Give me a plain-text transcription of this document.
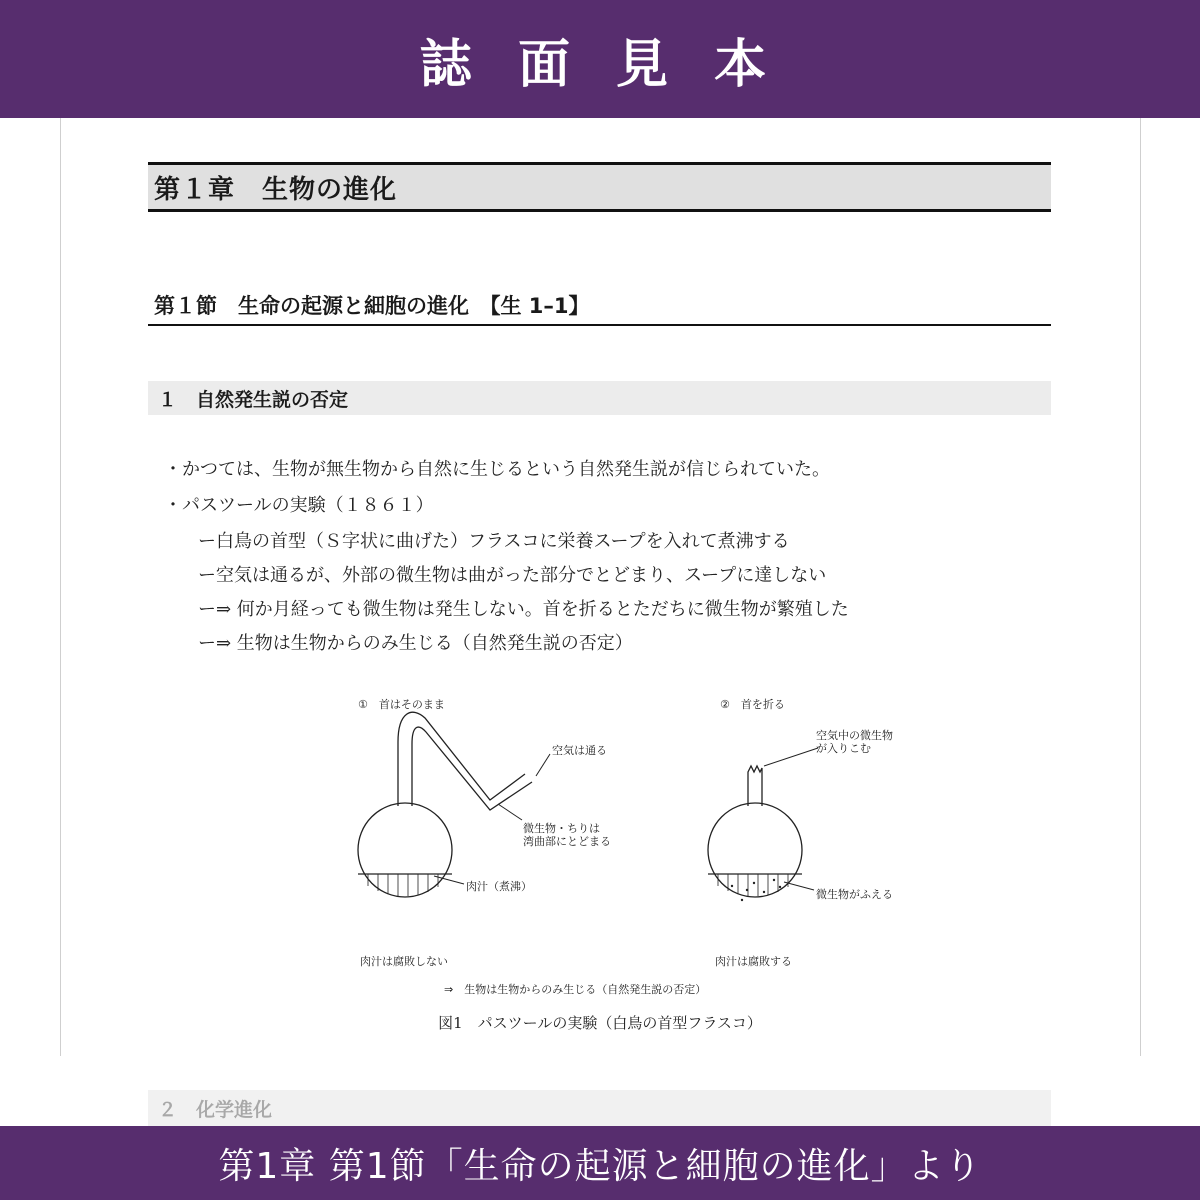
誌 面 見 本
第１章　生物の進化
第１節　生命の起源と細胞の進化　【生 1–1】
１　自然発生説の否定
・かつては、生物が無生物から自然に生じるという自然発生説が信じられていた。
・パスツールの実験（１８６１）
ー白鳥の首型（Ｓ字状に曲げた）フラスコに栄養スープを入れて煮沸する
ー空気は通るが、外部の微生物は曲がった部分でとどまり、スープに達しない
ー⇒ 何か月経っても微生物は発生しない。首を折るとただちに微生物が繁殖した
ー⇒ 生物は生物からのみ生じる（自然発生説の否定）
①　首はそのまま	②　首を折る
空気は通る
微生物・ちりは
湾曲部にとどまる
肉汁（煮沸）
空気中の微生物
が入りこむ
微生物がふえる
肉汁は腐敗しない	肉汁は腐敗する
⇒　生物は生物からのみ生じる（自然発生説の否定）
図1　パスツールの実験（白鳥の首型フラスコ）
２　化学進化
第1章 第1節「生命の起源と細胞の進化」より
